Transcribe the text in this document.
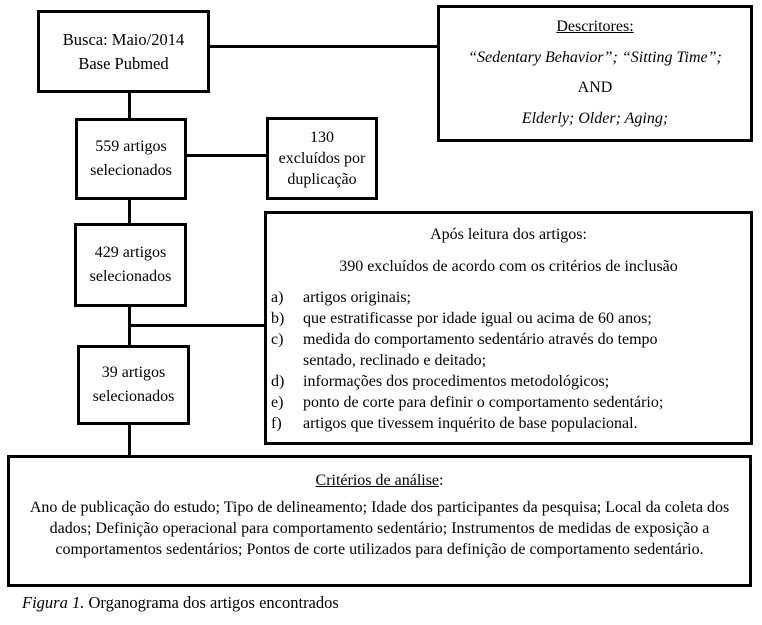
Busca: Maio/2014
Base Pubmed
Descritores:
“Sedentary Behavior”; “Sitting Time”;
AND
Elderly; Older; Aging;
559 artigos
selecionados
130
excluídos por
duplicação
429 artigos
selecionados
39 artigos
selecionados
Após leitura dos artigos:
390 excluídos de acordo com os critérios de inclusão
a)	artigos originais;
b)	que estratificasse por idade igual ou acima de 60 anos;
c)	medida do comportamento sedentário através do tempo sentado, reclinado e deitado;
d)	informações dos procedimentos metodológicos;
e)	ponto de corte para definir o comportamento sedentário;
f)	artigos que tivessem inquérito de base populacional.
Critérios de análise:
Ano de publicação do estudo; Tipo de delineamento; Idade dos participantes da pesquisa; Local da coleta dos dados; Definição operacional para comportamento sedentário; Instrumentos de medidas de exposição a comportamentos sedentários; Pontos de corte utilizados para definição de comportamento sedentário.
Figura 1. Organograma dos artigos encontrados
